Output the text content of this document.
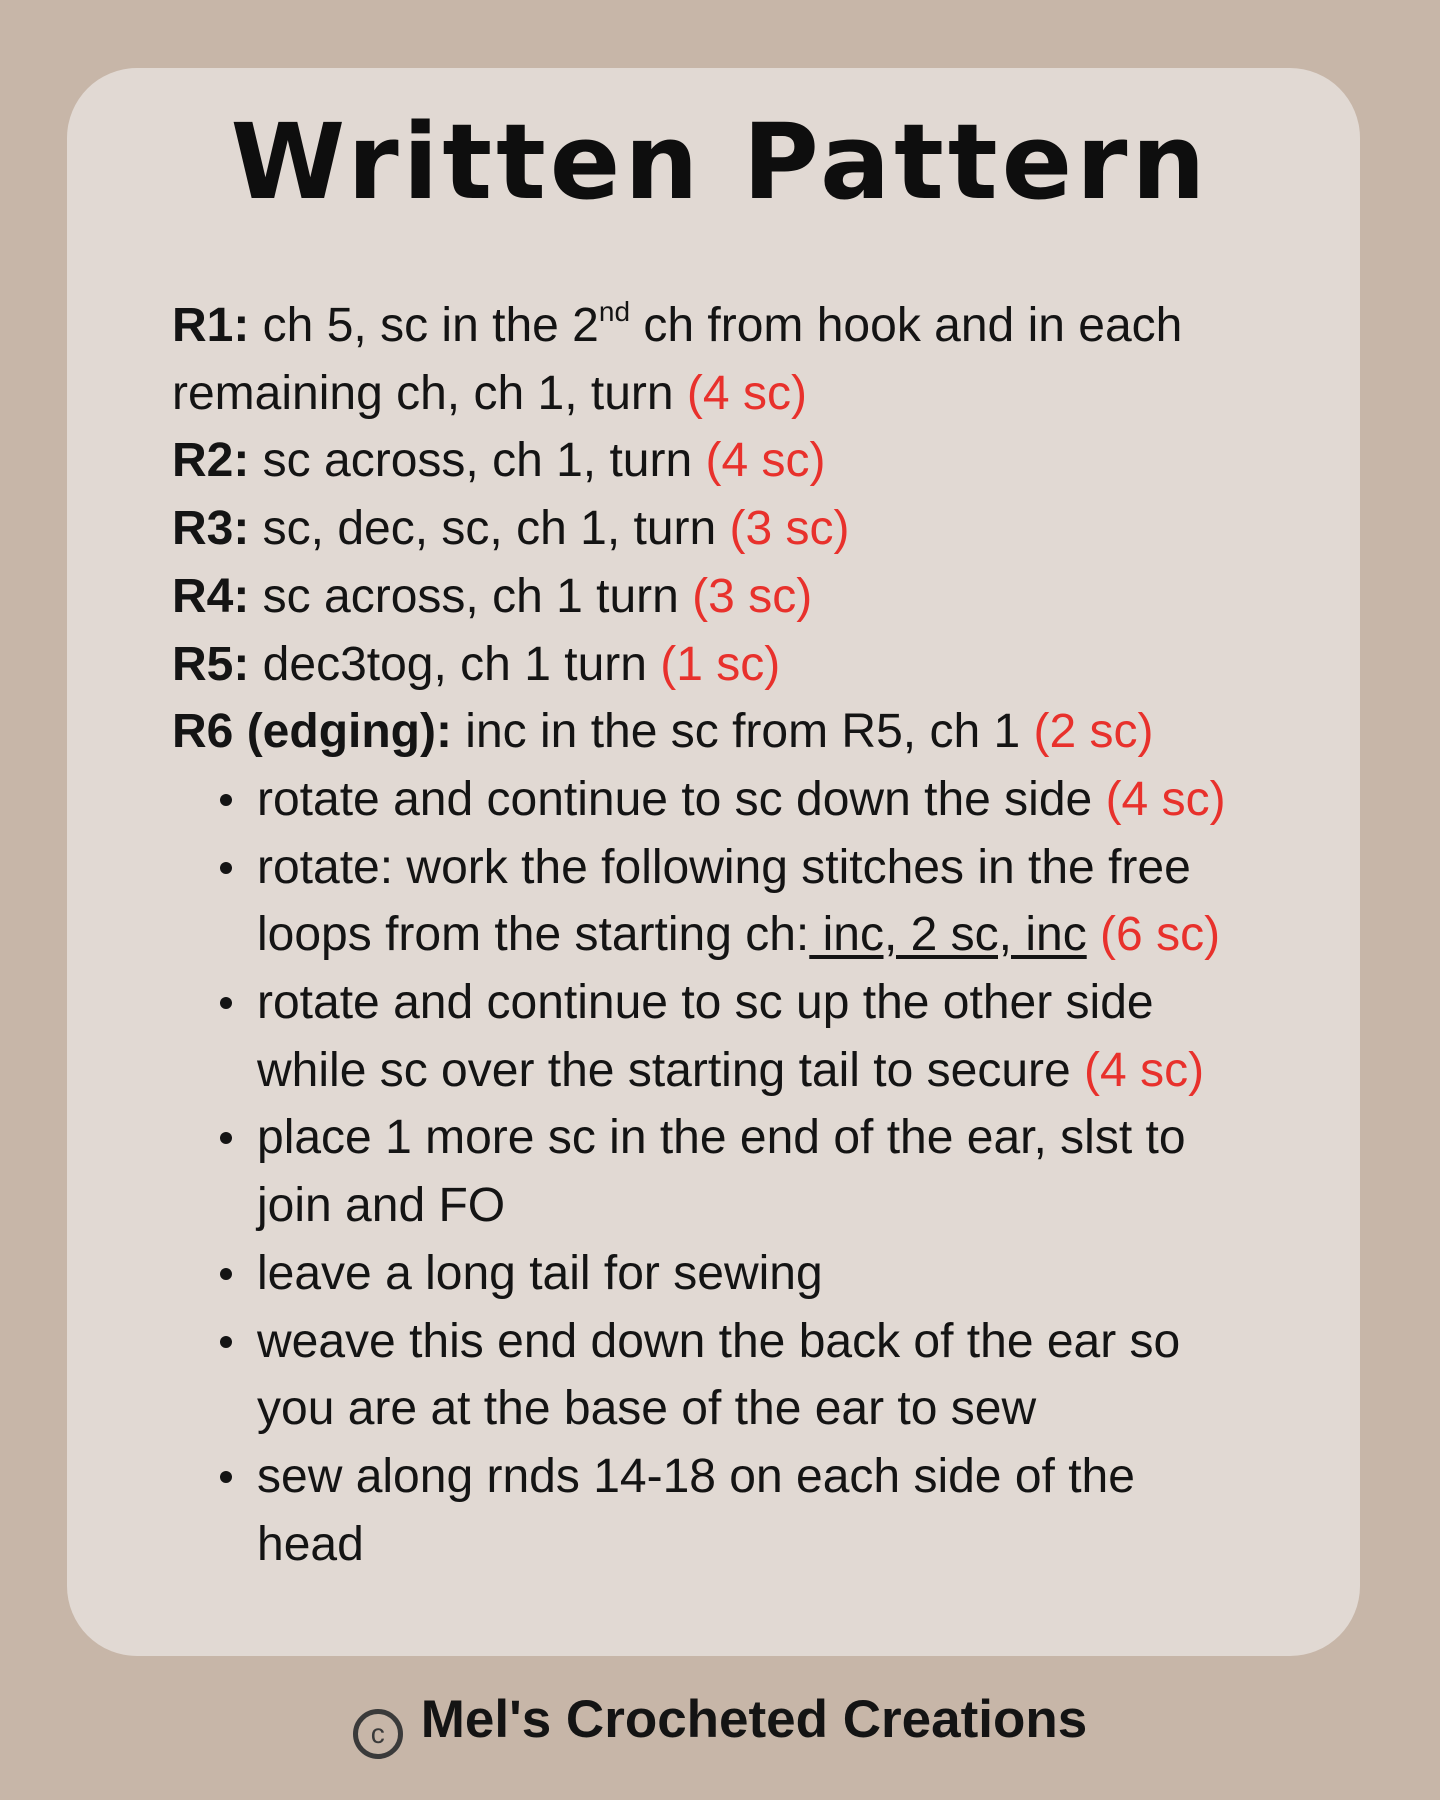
Written Pattern

R1: ch 5, sc in the 2nd ch from hook and in each

remaining ch, ch 1, turn (4 sc)

R2: sc across, ch 1, turn (4 sc)

R3: sc, dec, sc, ch 1, turn (3 sc)

R4: sc across, ch 1 turn (3 sc)

R5: dec3tog, ch 1 turn (1 sc)

R6 (edging): inc in the sc from R5, ch 1 (2 sc)

rotate and continue to sc down the side (4 sc)
rotate: work the following stitches in the free
loops from the starting ch: inc, 2 sc, inc (6 sc)
rotate and continue to sc up the other side
while sc over the starting tail to secure (4 sc)
place 1 more sc in the end of the ear, slst to
join and FO
leave a long tail for sewing
weave this end down the back of the ear so
you are at the base of the ear to sew
sew along rnds 14-18 on each side of the
head
c Mel's Crocheted Creations
